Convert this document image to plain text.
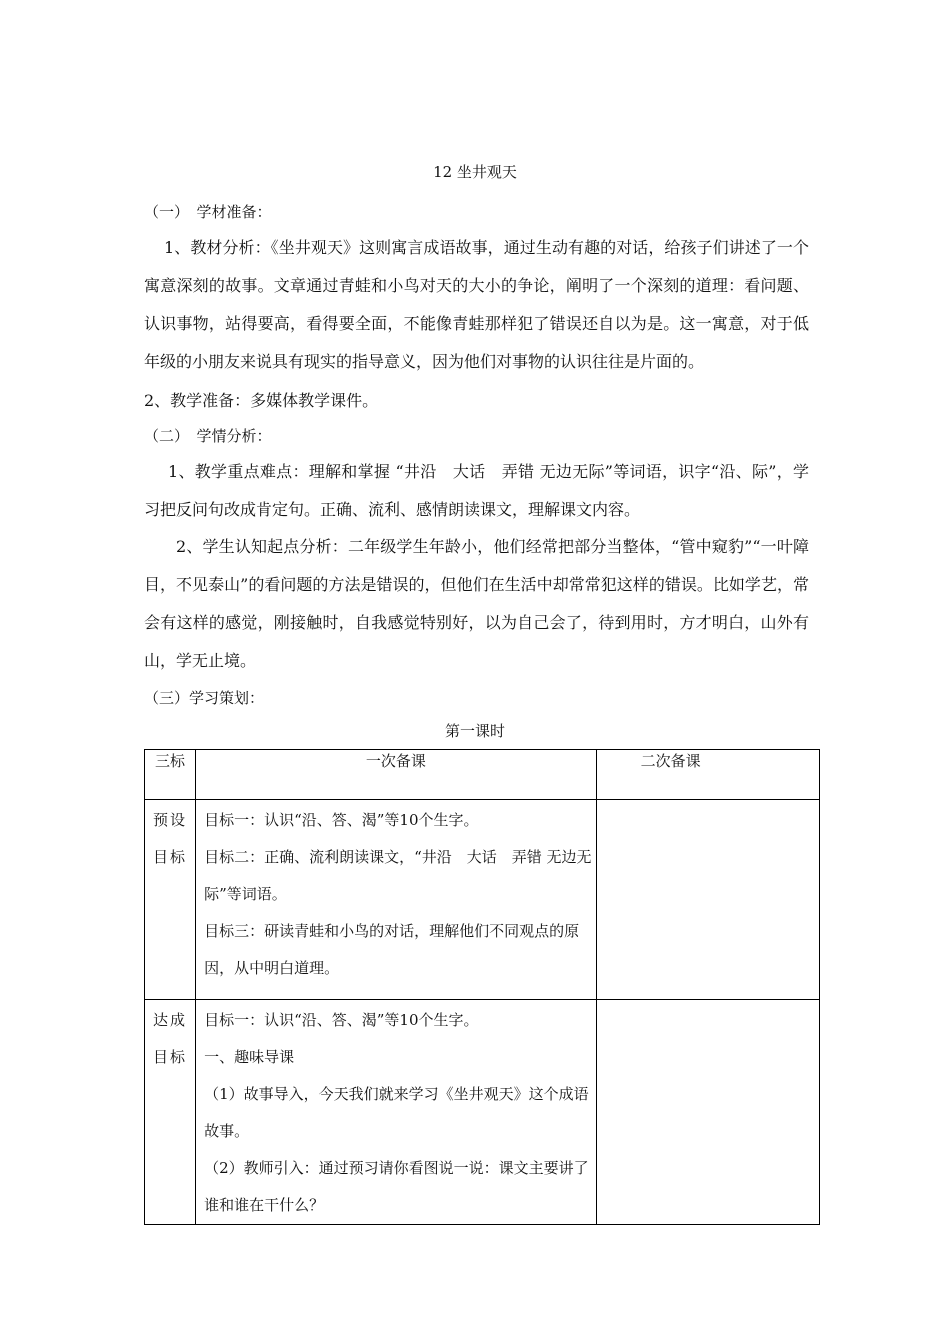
12 坐井观天
（一）　学材准备：
1、教材分析：《坐井观天》这则寓言成语故事，通过生动有趣的对话，给孩子们讲述了一个寓意深刻的故事。文章通过青蛙和小鸟对天的大小的争论，阐明了一个深刻的道理：看问题、认识事物，站得要高，看得要全面，不能像青蛙那样犯了错误还自以为是。这一寓意，对于低年级的小朋友来说具有现实的指导意义，因为他们对事物的认识往往是片面的。
2、教学准备：多媒体教学课件。
（二）　学情分析：
1、教学重点难点：理解和掌握 “井沿　大话　弄错 无边无际”等词语，识字“沿、际”，学习把反问句改成肯定句。正确、流利、感情朗读课文，理解课文内容。
2、学生认知起点分析：二年级学生年龄小，他们经常把部分当整体，“管中窥豹”“一叶障目，不见泰山”的看问题的方法是错误的，但他们在生活中却常常犯这样的错误。比如学艺，常会有这样的感觉，刚接触时，自我感觉特别好，以为自己会了，待到用时，方才明白，山外有山，学无止境。
（三）学习策划：
第一课时
三标	一次备课	二次备课

预设
目标	目标一：认识“沿、答、渴”等10个生字。
目标二：正确、流利朗读课文，“井沿　大话　弄错 无边无际”等词语。
目标三：研读青蛙和小鸟的对话，理解他们不同观点的原因，从中明白道理。	

达成
目标	目标一：认识“沿、答、渴”等10个生字。
一、趣味导课
（1）故事导入，今天我们就来学习《坐井观天》这个成语故事。
（2）教师引入：通过预习请你看图说一说：课文主要讲了谁和谁在干什么？	
